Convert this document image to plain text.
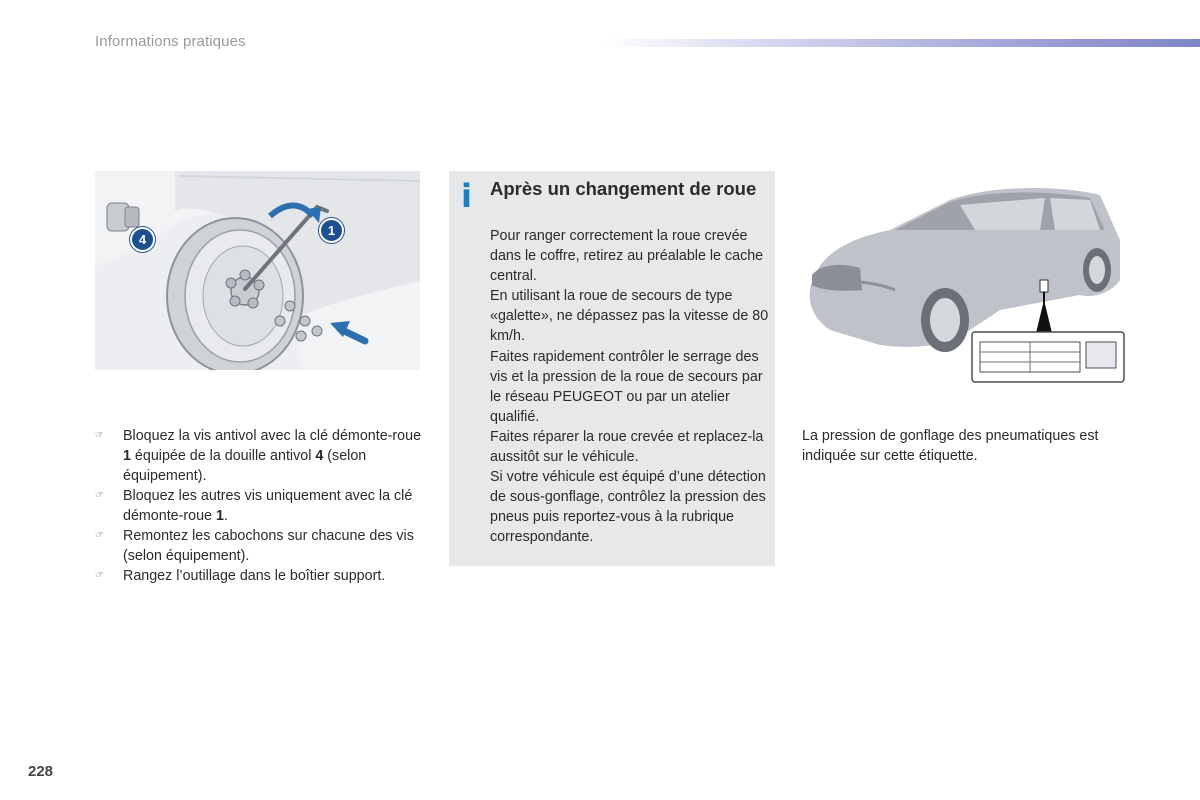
Informations pratiques
1
4
☞ Bloquez la vis antivol avec la clé démonte-roue 1 équipée de la douille antivol 4 (selon équipement).
☞ Bloquez les autres vis uniquement avec la clé démonte-roue 1.
☞ Remontez les cabochons sur chacune des vis (selon équipement).
☞ Rangez l’outillage dans le boîtier support.
i Après un changement de roue

Pour ranger correctement la roue crevée dans le coffre, retirez au préalable le cache central.

En utilisant la roue de secours de type «galette», ne dépassez pas la vitesse de 80 km/h.

Faites rapidement contrôler le serrage des vis et la pression de la roue de secours par le réseau PEUGEOT ou par un atelier qualifié.

Faites réparer la roue crevée et replacez-la aussitôt sur le véhicule.

Si votre véhicule est équipé d’une détection de sous-gonflage, contrôlez la pression des pneus puis reportez-vous à la rubrique correspondante.

La pression de gonflage des pneumatiques est indiquée sur cette étiquette.
228
